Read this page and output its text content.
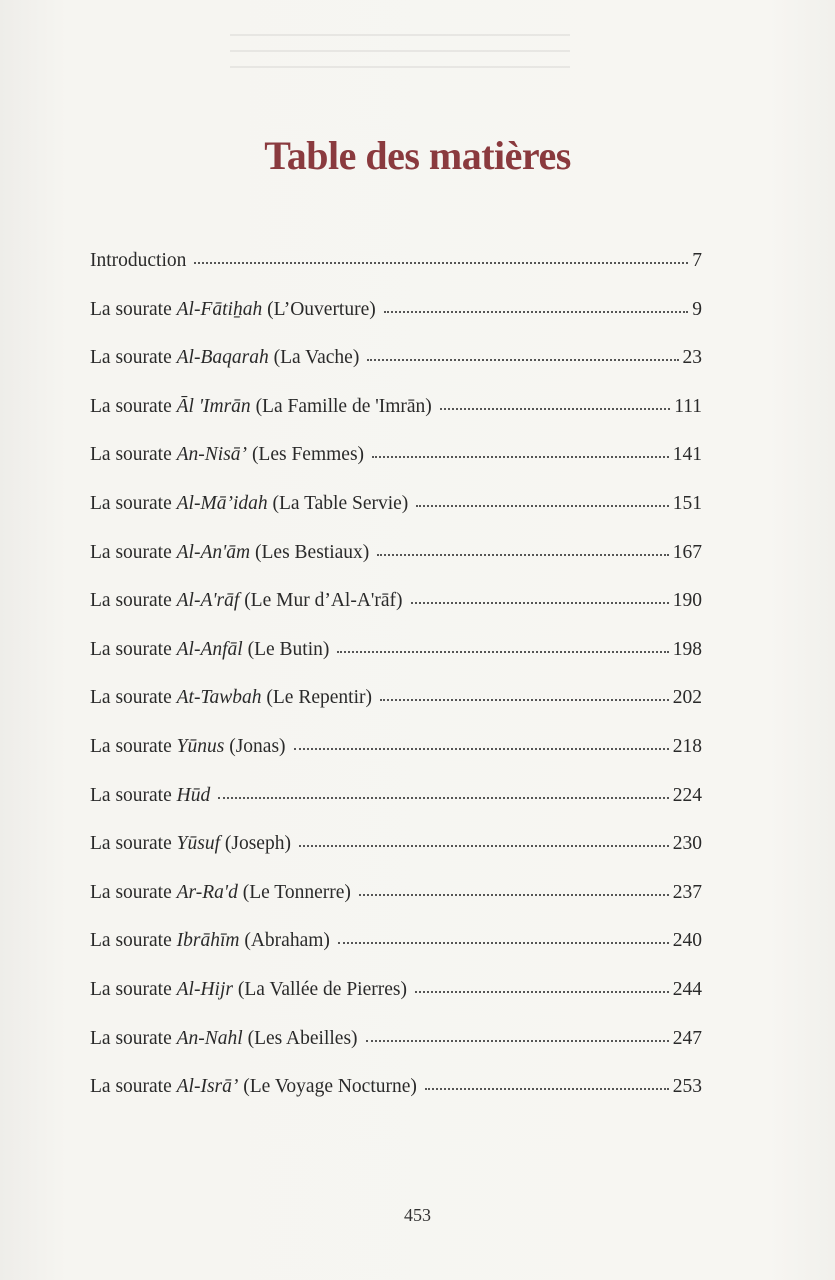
Table des matières
Introduction	7
La sourate Al-Fātiẖah (L’Ouverture)	9
La sourate Al-Baqarah (La Vache)	23
La sourate Āl 'Imrān (La Famille de 'Imrān)	111
La sourate An-Nisā’ (Les Femmes)	141
La sourate Al-Mā’idah (La Table Servie)	151
La sourate Al-An'ām (Les Bestiaux)	167
La sourate Al-A'rāf (Le Mur d’Al-A'rāf)	190
La sourate Al-Anfāl (Le Butin)	198
La sourate At-Tawbah (Le Repentir)	202
La sourate Yūnus (Jonas)	218
La sourate Hūd	224
La sourate Yūsuf (Joseph)	230
La sourate Ar-Ra'd (Le Tonnerre)	237
La sourate Ibrāhīm (Abraham)	240
La sourate Al-Hijr (La Vallée de Pierres)	244
La sourate An-Nahl (Les Abeilles)	247
La sourate Al-Isrā’ (Le Voyage Nocturne)	253
453
